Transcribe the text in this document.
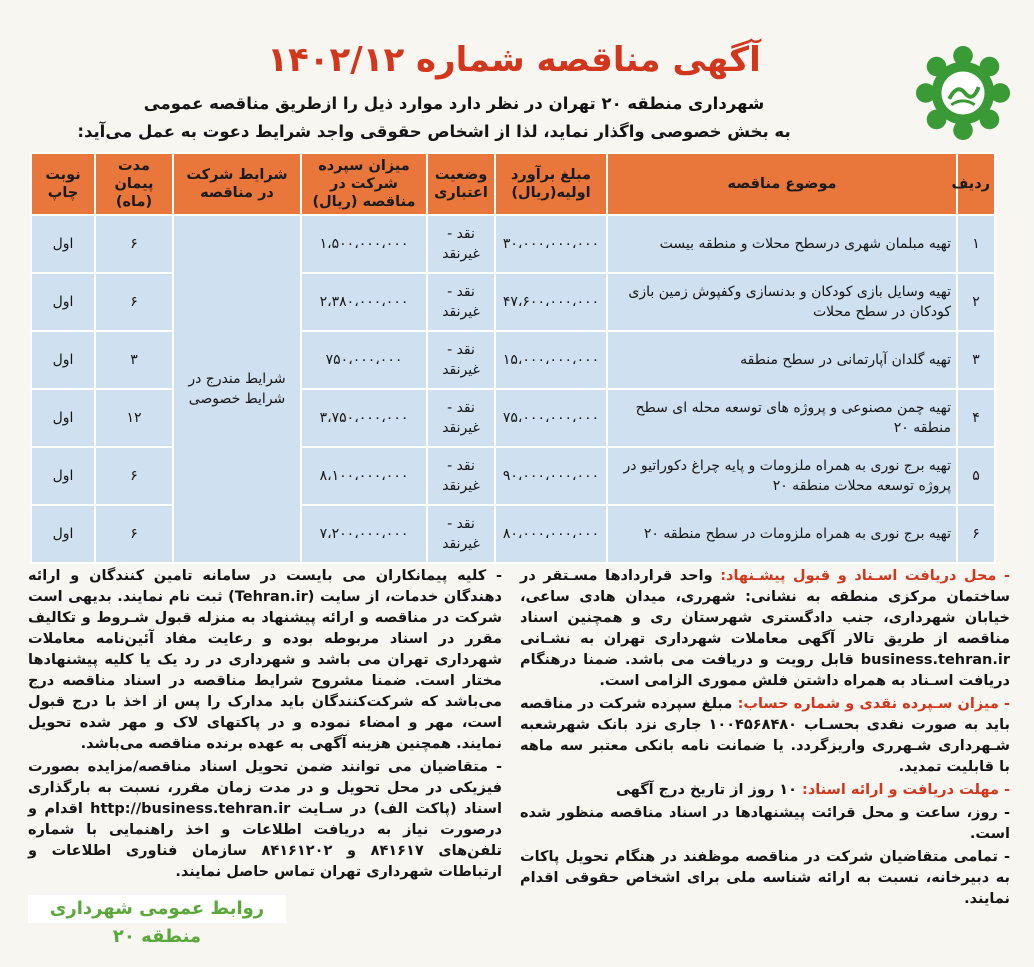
آگهی مناقصه شماره ۱۴۰۲/۱۲
شهرداری منطقه ۲۰ تهران در نظر دارد موارد ذیل را ازطریق مناقصه عمومی
به بخش خصوصی واگذار نماید، لذا از اشخاص حقوقی واجد شرایط دعوت به عمل می‌آید:
ردیف	موضوع مناقصه	مبلغ برآورد اولیه(ریال)	وضعیت اعتباری	میزان سپرده شرکت در مناقصه (ریال)	شرایط شرکت در مناقصه	مدت پیمان (ماه)	نوبت چاپ
۱	تهیه مبلمان شهری درسطح محلات و منطقه بیست	۳۰،۰۰۰،۰۰۰،۰۰۰	نقد - غیرنقد	۱،۵۰۰،۰۰۰،۰۰۰	شرایط مندرج در شرایط خصوصی	۶	اول
۲	تهیه وسایل بازی کودکان و بدنسازی وکفپوش زمین بازی کودکان در سطح محلات	۴۷،۶۰۰،۰۰۰،۰۰۰	نقد - غیرنقد	۲،۳۸۰،۰۰۰،۰۰۰		۶	اول
۳	تهیه گلدان آپارتمانی در سطح منطقه	۱۵،۰۰۰،۰۰۰،۰۰۰	نقد - غیرنقد	۷۵۰،۰۰۰،۰۰۰		۳	اول
۴	تهیه چمن مصنوعی و پروژه های توسعه محله ای سطح منطقه ۲۰	۷۵،۰۰۰،۰۰۰،۰۰۰	نقد - غیرنقد	۳،۷۵۰،۰۰۰،۰۰۰		۱۲	اول
۵	تهیه برج نوری به همراه ملزومات و پایه چراغ دکوراتیو در پروژه توسعه محلات منطقه ۲۰	۹۰،۰۰۰،۰۰۰،۰۰۰	نقد - غیرنقد	۸،۱۰۰،۰۰۰،۰۰۰		۶	اول
۶	تهیه برج نوری به همراه ملزومات در سطح منطقه ۲۰	۸۰،۰۰۰،۰۰۰،۰۰۰	نقد - غیرنقد	۷،۲۰۰،۰۰۰،۰۰۰		۶	اول

- محل دریافت اسـناد و قبول پیشـنهاد: واحد قراردادها مسـتقر در ساختمان مرکزی منطقه به نشانی: شهرری، میدان هادی ساعی، خیابان شهرداری، جنب دادگستری شهرستان ری و همچنین اسناد مناقصه از طریق تالار آگهی معاملات شهرداری تهران به نشـانی business.tehran.ir قابل رویت و دریافت می باشد. ضمنا درهنگام دریافت اسـناد به همراه داشتن فلش مموری الزامی است.

- میزان سـپرده نقدی و شماره حساب: مبلغ سپرده شرکت در مناقصه باید به صورت نقدی بحسـاب ۱۰۰۴۵۶۸۴۸۰ جاری نزد بانک شهرشعبه شـهرداری شـهرری واریزگردد. یا ضمانت نامه بانکی معتبر سه ماهه با قابلیت تمدید.

- مهلت دریافت و ارائه اسناد: ۱۰ روز از تاریخ درج آگهی

- روز، ساعت و محل قرائت پیشنهادها در اسناد مناقصه منظور شده است.

- تمامی متقاضیان شرکت در مناقصه موظفند در هنگام تحویل پاکات به دبیرخانه، نسبت به ارائه شناسه ملی برای اشخاص حقوقی اقدام نمایند.

- کلیه پیمانکاران می بایست در سامانه تامین کنندگان و ارائه دهندگان خدمات، از سایت (Tehran.ir) ثبت نام نمایند. بدیهی است شرکت در مناقصه و ارائه پیشنهاد به منزله قبول شـروط و تکالیف مقرر در اسناد مربوطه بوده و رعایت مفاد آئین‌نامه معاملات شهرداری تهران می باشد و شهرداری در رد یک یا کلیه پیشنهادها مختار است. ضمنا مشروح شرایط مناقصه در اسناد مناقصه درج می‌باشد که شرکت‌کنندگان باید مدارک را پس از اخذ با درج قبول است، مهر و امضاء نموده و در پاکتهای لاک و مهر شده تحویل نمایند. همچنین هزینه آگهی به عهده برنده مناقصه می‌باشد.

- متقاضیان می توانند ضمن تحویل اسناد مناقصه/مزایده بصورت فیزیکی در محل تحویل و در مدت زمان مقرر، نسبت به بارگذاری اسناد (پاکت الف) در سـایت http://business.tehran.ir اقدام و درصورت نیاز به دریافت اطلاعات و اخذ راهنمایی با شماره تلفن‌های ۸۴۱۶۱۷ و ۸۴۱۶۱۲۰۲ سازمان فناوری اطلاعات و ارتباطات شهرداری تهران تماس حاصل نمایند.

روابط عمومی شهرداری منطقه ۲۰
